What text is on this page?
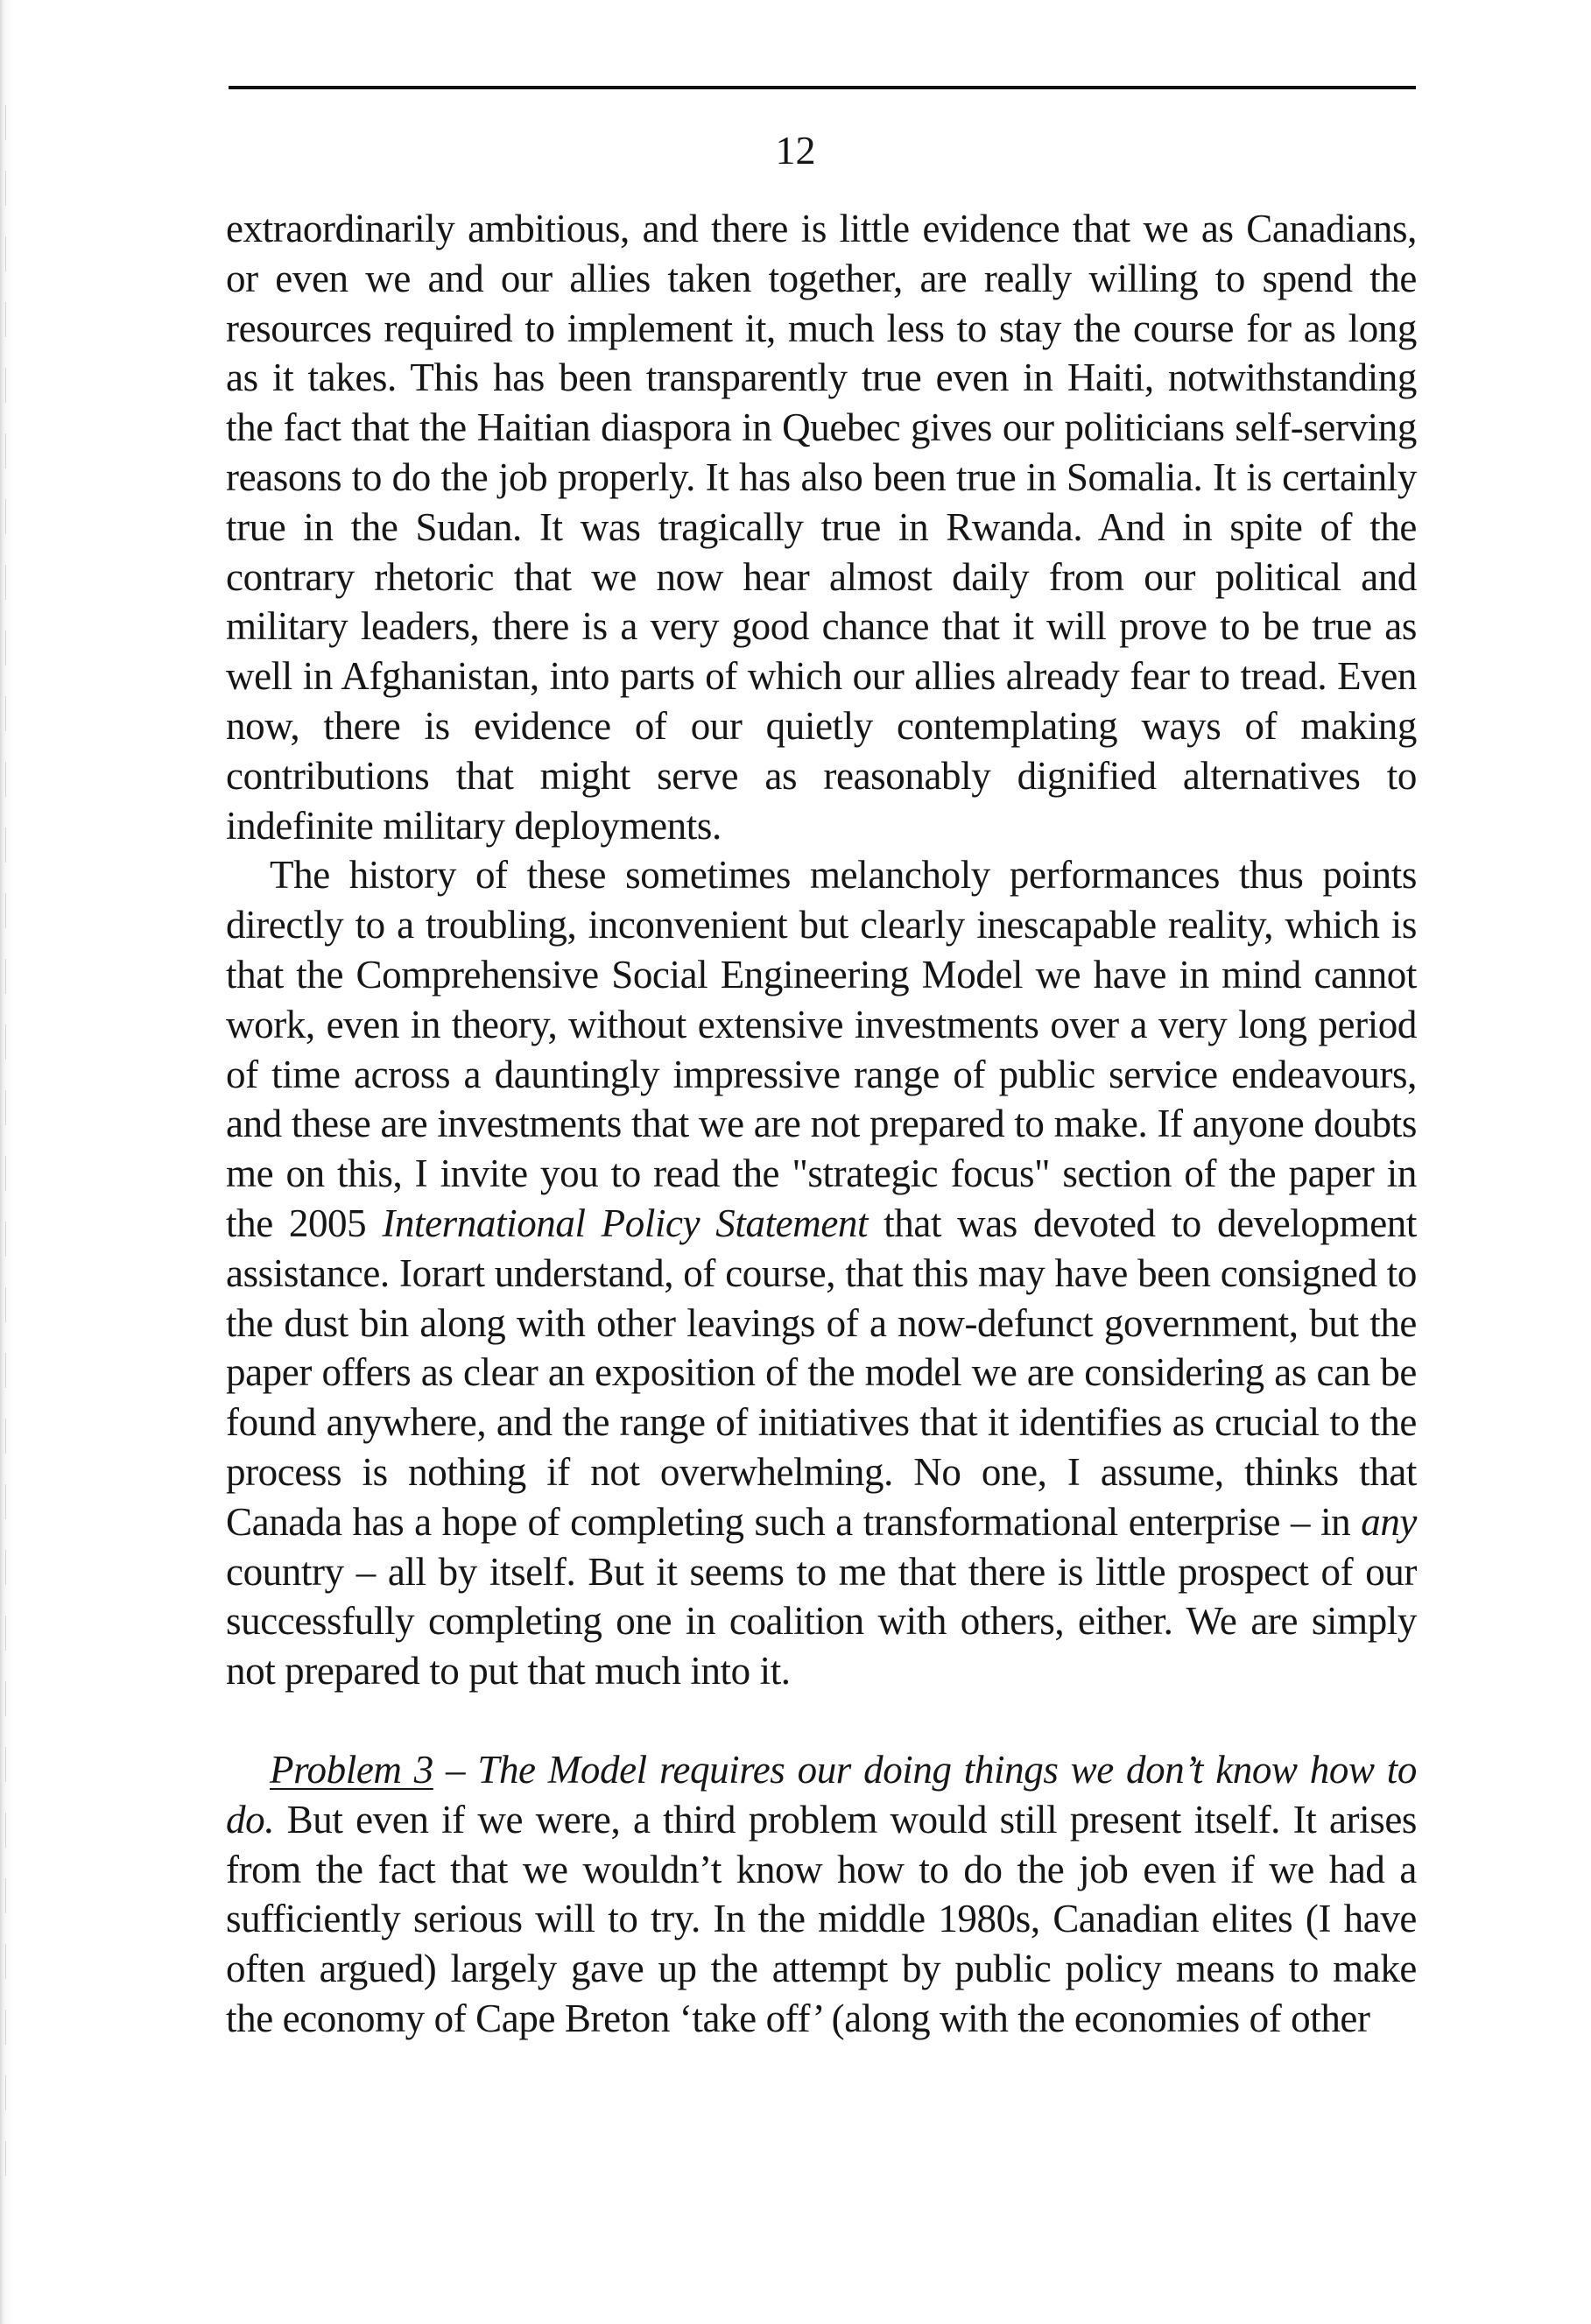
12

extraordinarily ambitious, and there is little evidence that we as Canadians, or even we and our allies taken together, are really willing to spend the resources required to implement it, much less to stay the course for as long as it takes. This has been transparently true even in Haiti, notwithstanding the fact that the Haitian diaspora in Quebec gives our politicians self-serving reasons to do the job properly. It has also been true in Somalia. It is certainly true in the Sudan. It was tragically true in Rwanda. And in spite of the contrary rhetoric that we now hear almost daily from our political and military leaders, there is a very good chance that it will prove to be true as well in Afghanistan, into parts of which our allies already fear to tread. Even now, there is evidence of our quietly contemplating ways of making contributions that might serve as reasonably dignified alternatives to indefinite military deployments.

The history of these sometimes melancholy performances thus points directly to a troubling, inconvenient but clearly inescapable reality, which is that the Comprehensive Social Engineering Model we have in mind cannot work, even in theory, without extensive investments over a very long period of time across a dauntingly impressive range of public service endeavours, and these are investments that we are not prepared to make. If anyone doubts me on this, I invite you to read the "strategic focus" section of the paper in the 2005 International Policy Statement that was devoted to development assistance. Iorart understand, of course, that this may have been consigned to the dust bin along with other leavings of a now-defunct government, but the paper offers as clear an exposition of the model we are considering as can be found anywhere, and the range of initiatives that it identifies as crucial to the process is nothing if not overwhelming. No one, I assume, thinks that Canada has a hope of completing such a transformational enterprise – in any country – all by itself. But it seems to me that there is little prospect of our successfully completing one in coalition with others, either. We are simply not prepared to put that much into it.

Problem 3 – The Model requires our doing things we don’t know how to do. But even if we were, a third problem would still present itself. It arises from the fact that we wouldn’t know how to do the job even if we had a sufficiently serious will to try. In the middle 1980s, Canadian elites (I have often argued) largely gave up the attempt by public policy means to make the economy of Cape Breton ‘take off’ (along with the economies of other
